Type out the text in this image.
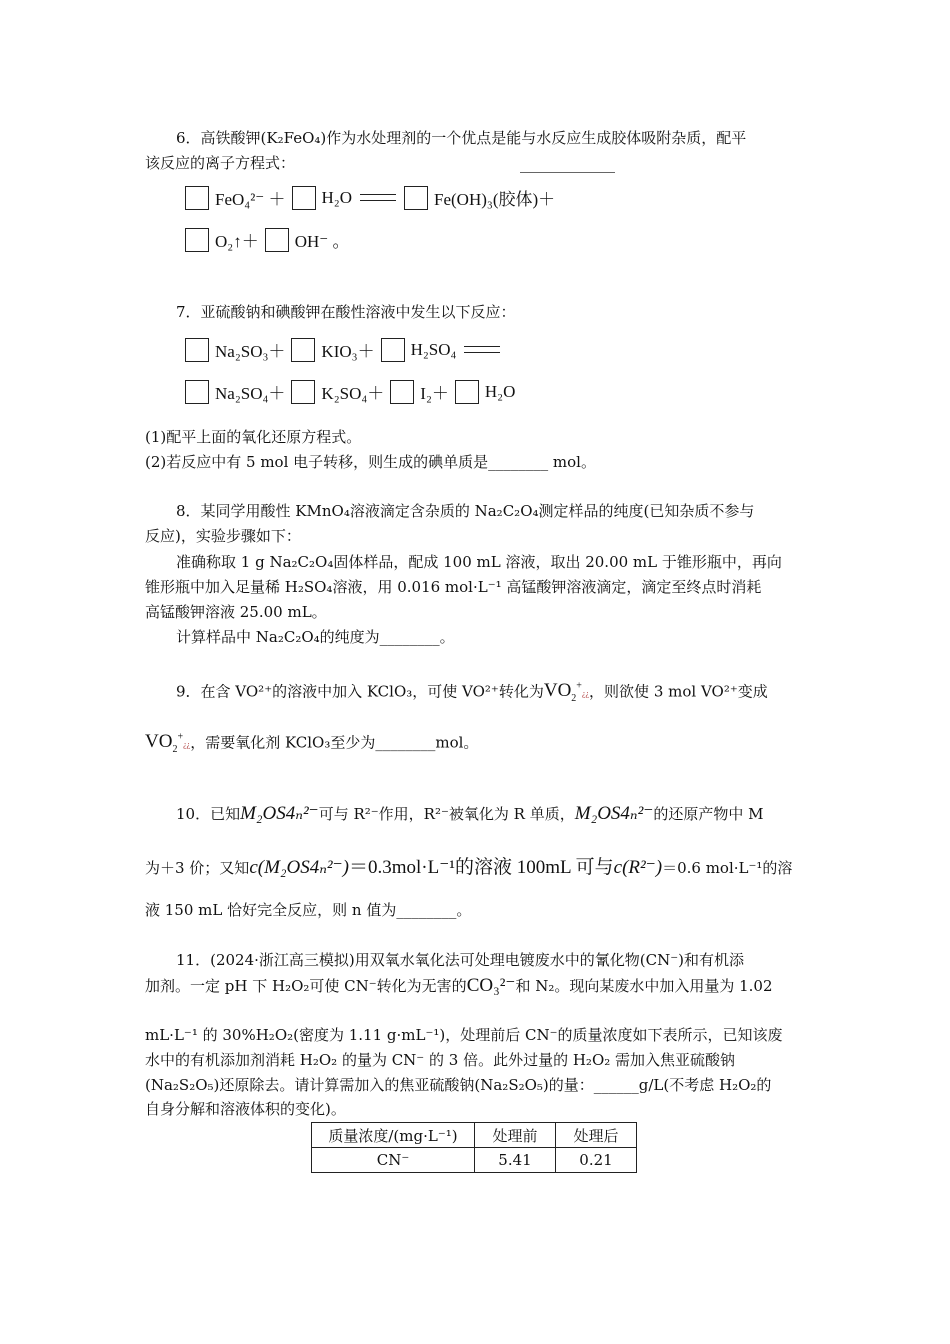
6．高铁酸钾(K₂FeO₄)作为水处理剂的一个优点是能与水反应生成胶体吸附杂质，配平
该反应的离子方程式：
FeO₄²⁻ ＋ H₂O	Fe(OH)₃(胶体)＋
O₂↑＋ OH⁻ 。
7．亚硫酸钠和碘酸钾在酸性溶液中发生以下反应：
Na₂SO₃＋ KIO₃＋ H₂SO₄
Na₂SO₄＋ K₂SO₄＋ I₂＋ H₂O
(1)配平上面的氧化还原方程式。
(2)若反应中有 5 mol 电子转移，则生成的碘单质是________ mol。
8．某同学用酸性 KMnO₄溶液滴定含杂质的 Na₂C₂O₄测定样品的纯度(已知杂质不参与
反应)，实验步骤如下：
准确称取 1 g Na₂C₂O₄固体样品，配成 100 mL 溶液，取出 20.00 mL 于锥形瓶中，再向
锥形瓶中加入足量稀 H₂SO₄溶液，用 0.016 mol·L⁻¹ 高锰酸钾溶液滴定，滴定至终点时消耗
高锰酸钾溶液 25.00 mL。
计算样品中 Na₂C₂O₄的纯度为________。
9．在含 VO²⁺的溶液中加入 KClO₃，可使 VO²⁺转化为$VO_2^+¿¿$，则欲使 3 mol VO²⁺变成
$VO_2^+¿¿$，需要氧化剂 KClO₃至少为________mol。
10．已知M₂OS4ₙ²⁻可与 R²⁻作用，R²⁻被氧化为 R 单质，M₂OS4ₙ²⁻的还原产物中 M
为＋3 价；又知c(M₂OS4ₙ²⁻)＝0.3mol·L⁻¹的溶液 100mL 可与c(R²⁻)＝0.6 mol·L⁻¹的溶
液 150 mL 恰好完全反应，则 n 值为________。
11．(2024·浙江高三模拟)用双氧水氧化法可处理电镀废水中的氰化物(CN⁻)和有机添
加剂。一定 pH 下 H₂O₂可使 CN⁻转化为无害的CO₃²⁻和 N₂。现向某废水中加入用量为 1.02
mL·L⁻¹ 的 30%H₂O₂(密度为 1.11 g·mL⁻¹)，处理前后 CN⁻的质量浓度如下表所示，已知该废
水中的有机添加剂消耗 H₂O₂ 的量为 CN⁻ 的 3 倍。此外过量的 H₂O₂ 需加入焦亚硫酸钠
(Na₂S₂O₅)还原除去。请计算需加入的焦亚硫酸钠(Na₂S₂O₅)的量：______g/L(不考虑 H₂O₂的
自身分解和溶液体积的变化)。
质量浓度/(mg·L⁻¹)	处理前	处理后
CN⁻	5.41	0.21
